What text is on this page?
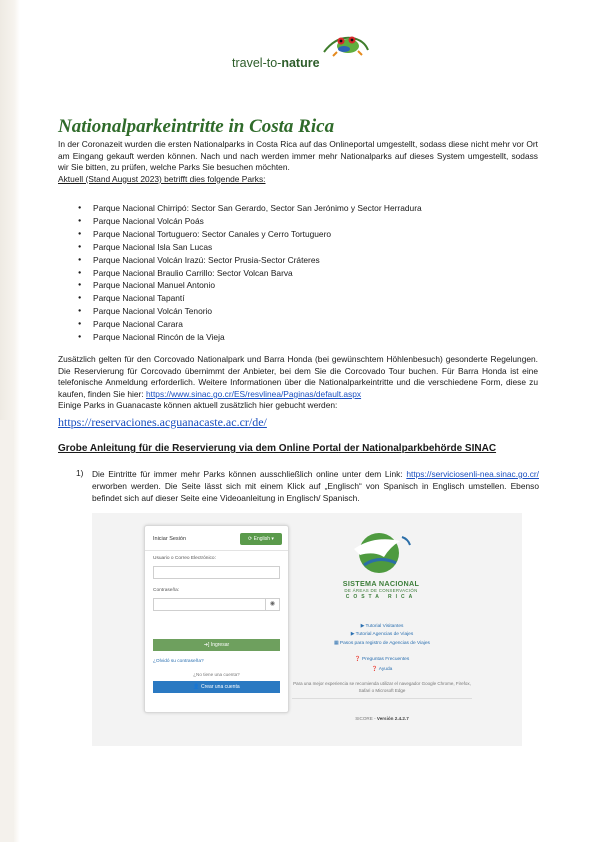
travel-to-nature
Nationalparkeintritte in Costa Rica
In der Coronazeit wurden die ersten Nationalparks in Costa Rica auf das Onlineportal umgestellt, sodass diese nicht mehr vor Ort am Eingang gekauft werden können. Nach und nach werden immer mehr Nationalparks auf dieses System umgestellt, sodass wir Sie bitten, zu prüfen, welche Parks Sie besuchen möchten.
Aktuell (Stand August 2023) betrifft dies folgende Parks:
● Parque Nacional Chirripó: Sector San Gerardo, Sector San Jerónimo y Sector Herradura
● Parque Nacional Volcán Poás
● Parque Nacional Tortuguero: Sector Canales y Cerro Tortuguero
● Parque Nacional Isla San Lucas
● Parque Nacional Volcán Irazú: Sector Prusia-Sector Cráteres
● Parque Nacional Braulio Carrillo: Sector Volcan Barva
● Parque Nacional Manuel Antonio
● Parque Nacional Tapantí
● Parque Nacional Volcán Tenorio
● Parque Nacional Carara
● Parque Nacional Rincón de la Vieja
Zusätzlich gelten für den Corcovado Nationalpark und Barra Honda (bei gewünschtem Höhlenbesuch) gesonderte Regelungen. Die Reservierung für Corcovado übernimmt der Anbieter, bei dem Sie die Corcovado Tour buchen. Für Barra Honda ist eine telefonische Anmeldung erforderlich. Weitere Informationen über die Nationalparkeintritte und die verschiedene Form, diese zu kaufen, finden Sie hier: https://www.sinac.go.cr/ES/resvlinea/Paginas/default.aspx
Einige Parks in Guanacaste können aktuell zusätzlich hier gebucht werden:
https://reservaciones.acguanacaste.ac.cr/de/
Grobe Anleitung für die Reservierung via dem Online Portal der Nationalparkbehörde SINAC
1) Die Eintritte für immer mehr Parks können ausschließlich online unter dem Link: https://serviciosenli-nea.sinac.go.cr/ erworben werden. Die Seite lässt sich mit einem Klick auf „Englisch“ von Spanisch in Englisch umstellen. Ebenso befindet sich auf dieser Seite eine Videoanleitung in Englisch/ Spanisch.
Iniciar Sesión	⟳ English ▾
Usuario o Correo Electrónico:
Contraseña:
◉
➔] Ingresar
¿Olvidó su contraseña?
¿No tiene una cuenta?
👤 Crear una cuenta
SISTEMA NACIONAL
DE ÁREAS DE CONSERVACIÓN
COSTA RICA
▶ Tutorial Visitantes
▶ Tutorial Agencias de Viajes
▦ Pasos para registro de Agencias de Viajes
❓ Preguntas Frecuentes
❓ Ayuda
Para una mejor experiencia se recomienda utilizar el navegador Google Chrome, Firefox, Safari o Microsoft Edge
SICORE - Versión 2.4.2.7
